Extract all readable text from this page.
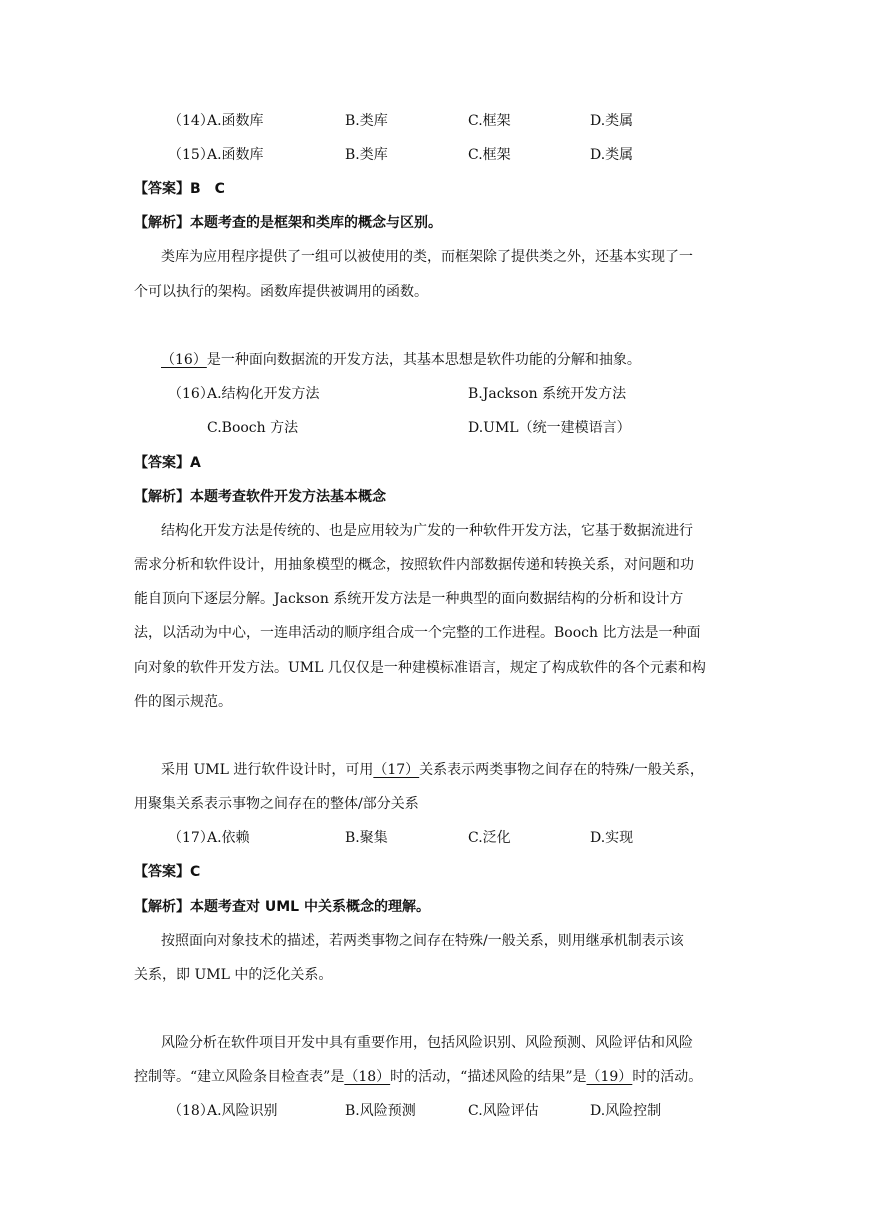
（14）
A.函数库	B.类库	C.框架	D.类属
（15）
A.函数库	B.类库	C.框架	D.类属
【答案】B　C
【解析】本题考查的是框架和类库的概念与区别。
类库为应用程序提供了一组可以被使用的类，而框架除了提供类之外，还基本实现了一
个可以执行的架构。函数库提供被调用的函数。
（16）是一种面向数据流的开发方法，其基本思想是软件功能的分解和抽象。
（16）
A.结构化开发方法	B.Jackson 系统开发方法
C.Booch 方法	D.UML（统一建模语言）
【答案】A
【解析】本题考查软件开发方法基本概念
结构化开发方法是传统的、也是应用较为广发的一种软件开发方法，它基于数据流进行
需求分析和软件设计，用抽象模型的概念，按照软件内部数据传递和转换关系，对问题和功
能自顶向下逐层分解。Jackson 系统开发方法是一种典型的面向数据结构的分析和设计方
法，以活动为中心，一连串活动的顺序组合成一个完整的工作进程。Booch 比方法是一种面
向对象的软件开发方法。UML 几仅仅是一种建模标准语言，规定了构成软件的各个元素和构
件的图示规范。
采用 UML 进行软件设计时，可用（17）关系表示两类事物之间存在的特殊/一般关系，
用聚集关系表示事物之间存在的整体/部分关系
（17）
A.依赖	B.聚集	C.泛化	D.实现
【答案】C
【解析】本题考查对 UML 中关系概念的理解。
按照面向对象技术的描述，若两类事物之间存在特殊/一般关系，则用继承机制表示该
关系，即 UML 中的泛化关系。
风险分析在软件项目开发中具有重要作用，包括风险识别、风险预测、风险评估和风险
控制等。“建立风险条目检查表”是（18）时的活动，“描述风险的结果”是（19）时的活动。
（18）
A.风险识别	B.风险预测	C.风险评估	D.风险控制
